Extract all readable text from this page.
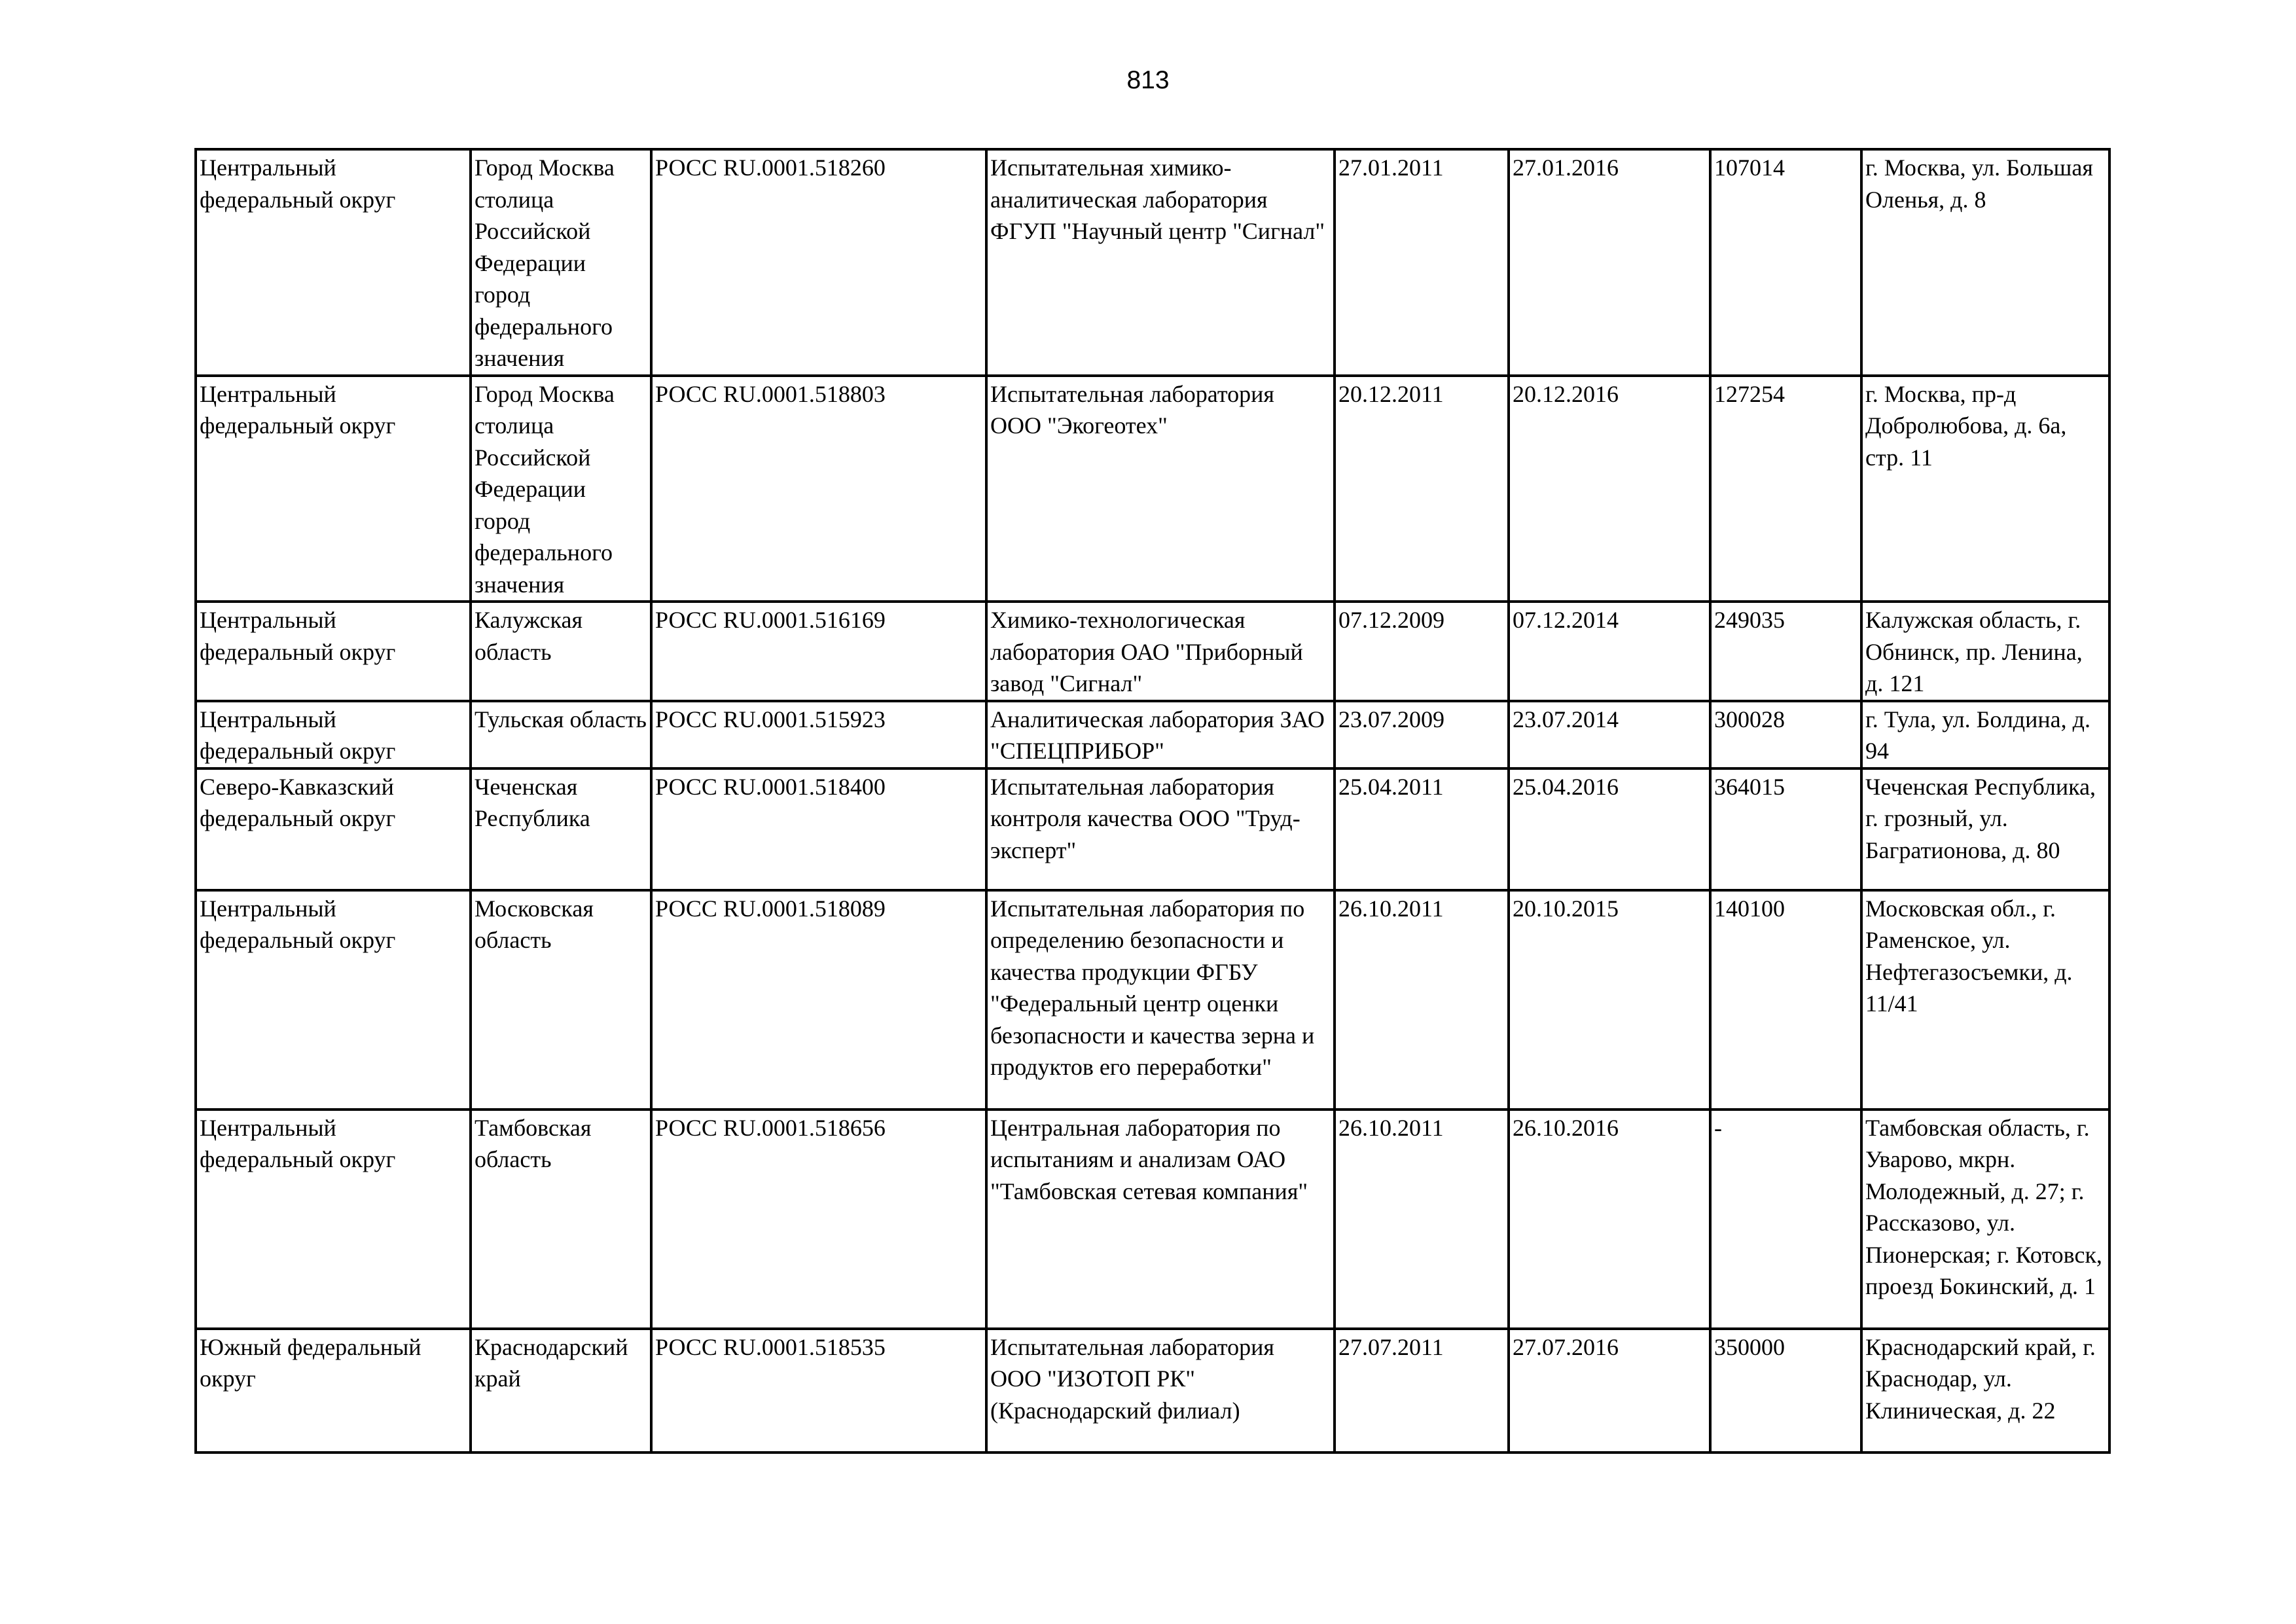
813
Центральный федеральный округ	Город Москва столица Российской Федерации город федерального значения	РОСС RU.0001.518260	Испытательная химико-аналитическая лаборатория ФГУП "Научный центр "Сигнал"	27.01.2011	27.01.2016	107014	г. Москва, ул. Большая Оленья, д. 8
Центральный федеральный округ	Город Москва столица Российской Федерации город федерального значения	РОСС RU.0001.518803	Испытательная лаборатория ООО "Экогеотех"	20.12.2011	20.12.2016	127254	г. Москва, пр-д Добролюбова, д. 6а, стр. 11
Центральный федеральный округ	Калужская область	РОСС RU.0001.516169	Химико-технологическая лаборатория ОАО "Приборный завод "Сигнал"	07.12.2009	07.12.2014	249035	Калужская область, г. Обнинск, пр. Ленина, д. 121
Центральный федеральный округ	Тульская область	РОСС RU.0001.515923	Аналитическая лаборатория ЗАО "СПЕЦПРИБОР"	23.07.2009	23.07.2014	300028	г. Тула, ул. Болдина, д. 94
Северо-Кавказский федеральный округ	Чеченская Республика	РОСС RU.0001.518400	Испытательная лаборатория контроля качества ООО "Труд-эксперт"	25.04.2011	25.04.2016	364015	Чеченская Республика, г. грозный, ул. Багратионова, д. 80
Центральный федеральный округ	Московская область	РОСС RU.0001.518089	Испытательная лаборатория по определению безопасности и качества продукции ФГБУ "Федеральный центр оценки безопасности и качества зерна и продуктов его переработки"	26.10.2011	20.10.2015	140100	Московская обл., г. Раменское, ул. Нефтегазосъемки, д. 11/41
Центральный федеральный округ	Тамбовская область	РОСС RU.0001.518656	Центральная лаборатория по испытаниям и анализам ОАО "Тамбовская сетевая компания"	26.10.2011	26.10.2016	-	Тамбовская область, г. Уварово, мкрн. Молодежный, д. 27; г. Рассказово, ул. Пионерская; г. Котовск, проезд Бокинский, д. 1
Южный федеральный округ	Краснодарский край	РОСС RU.0001.518535	Испытательная лаборатория ООО "ИЗОТОП РК" (Краснодарский филиал)	27.07.2011	27.07.2016	350000	Краснодарский край, г. Краснодар, ул. Клиническая, д. 22
